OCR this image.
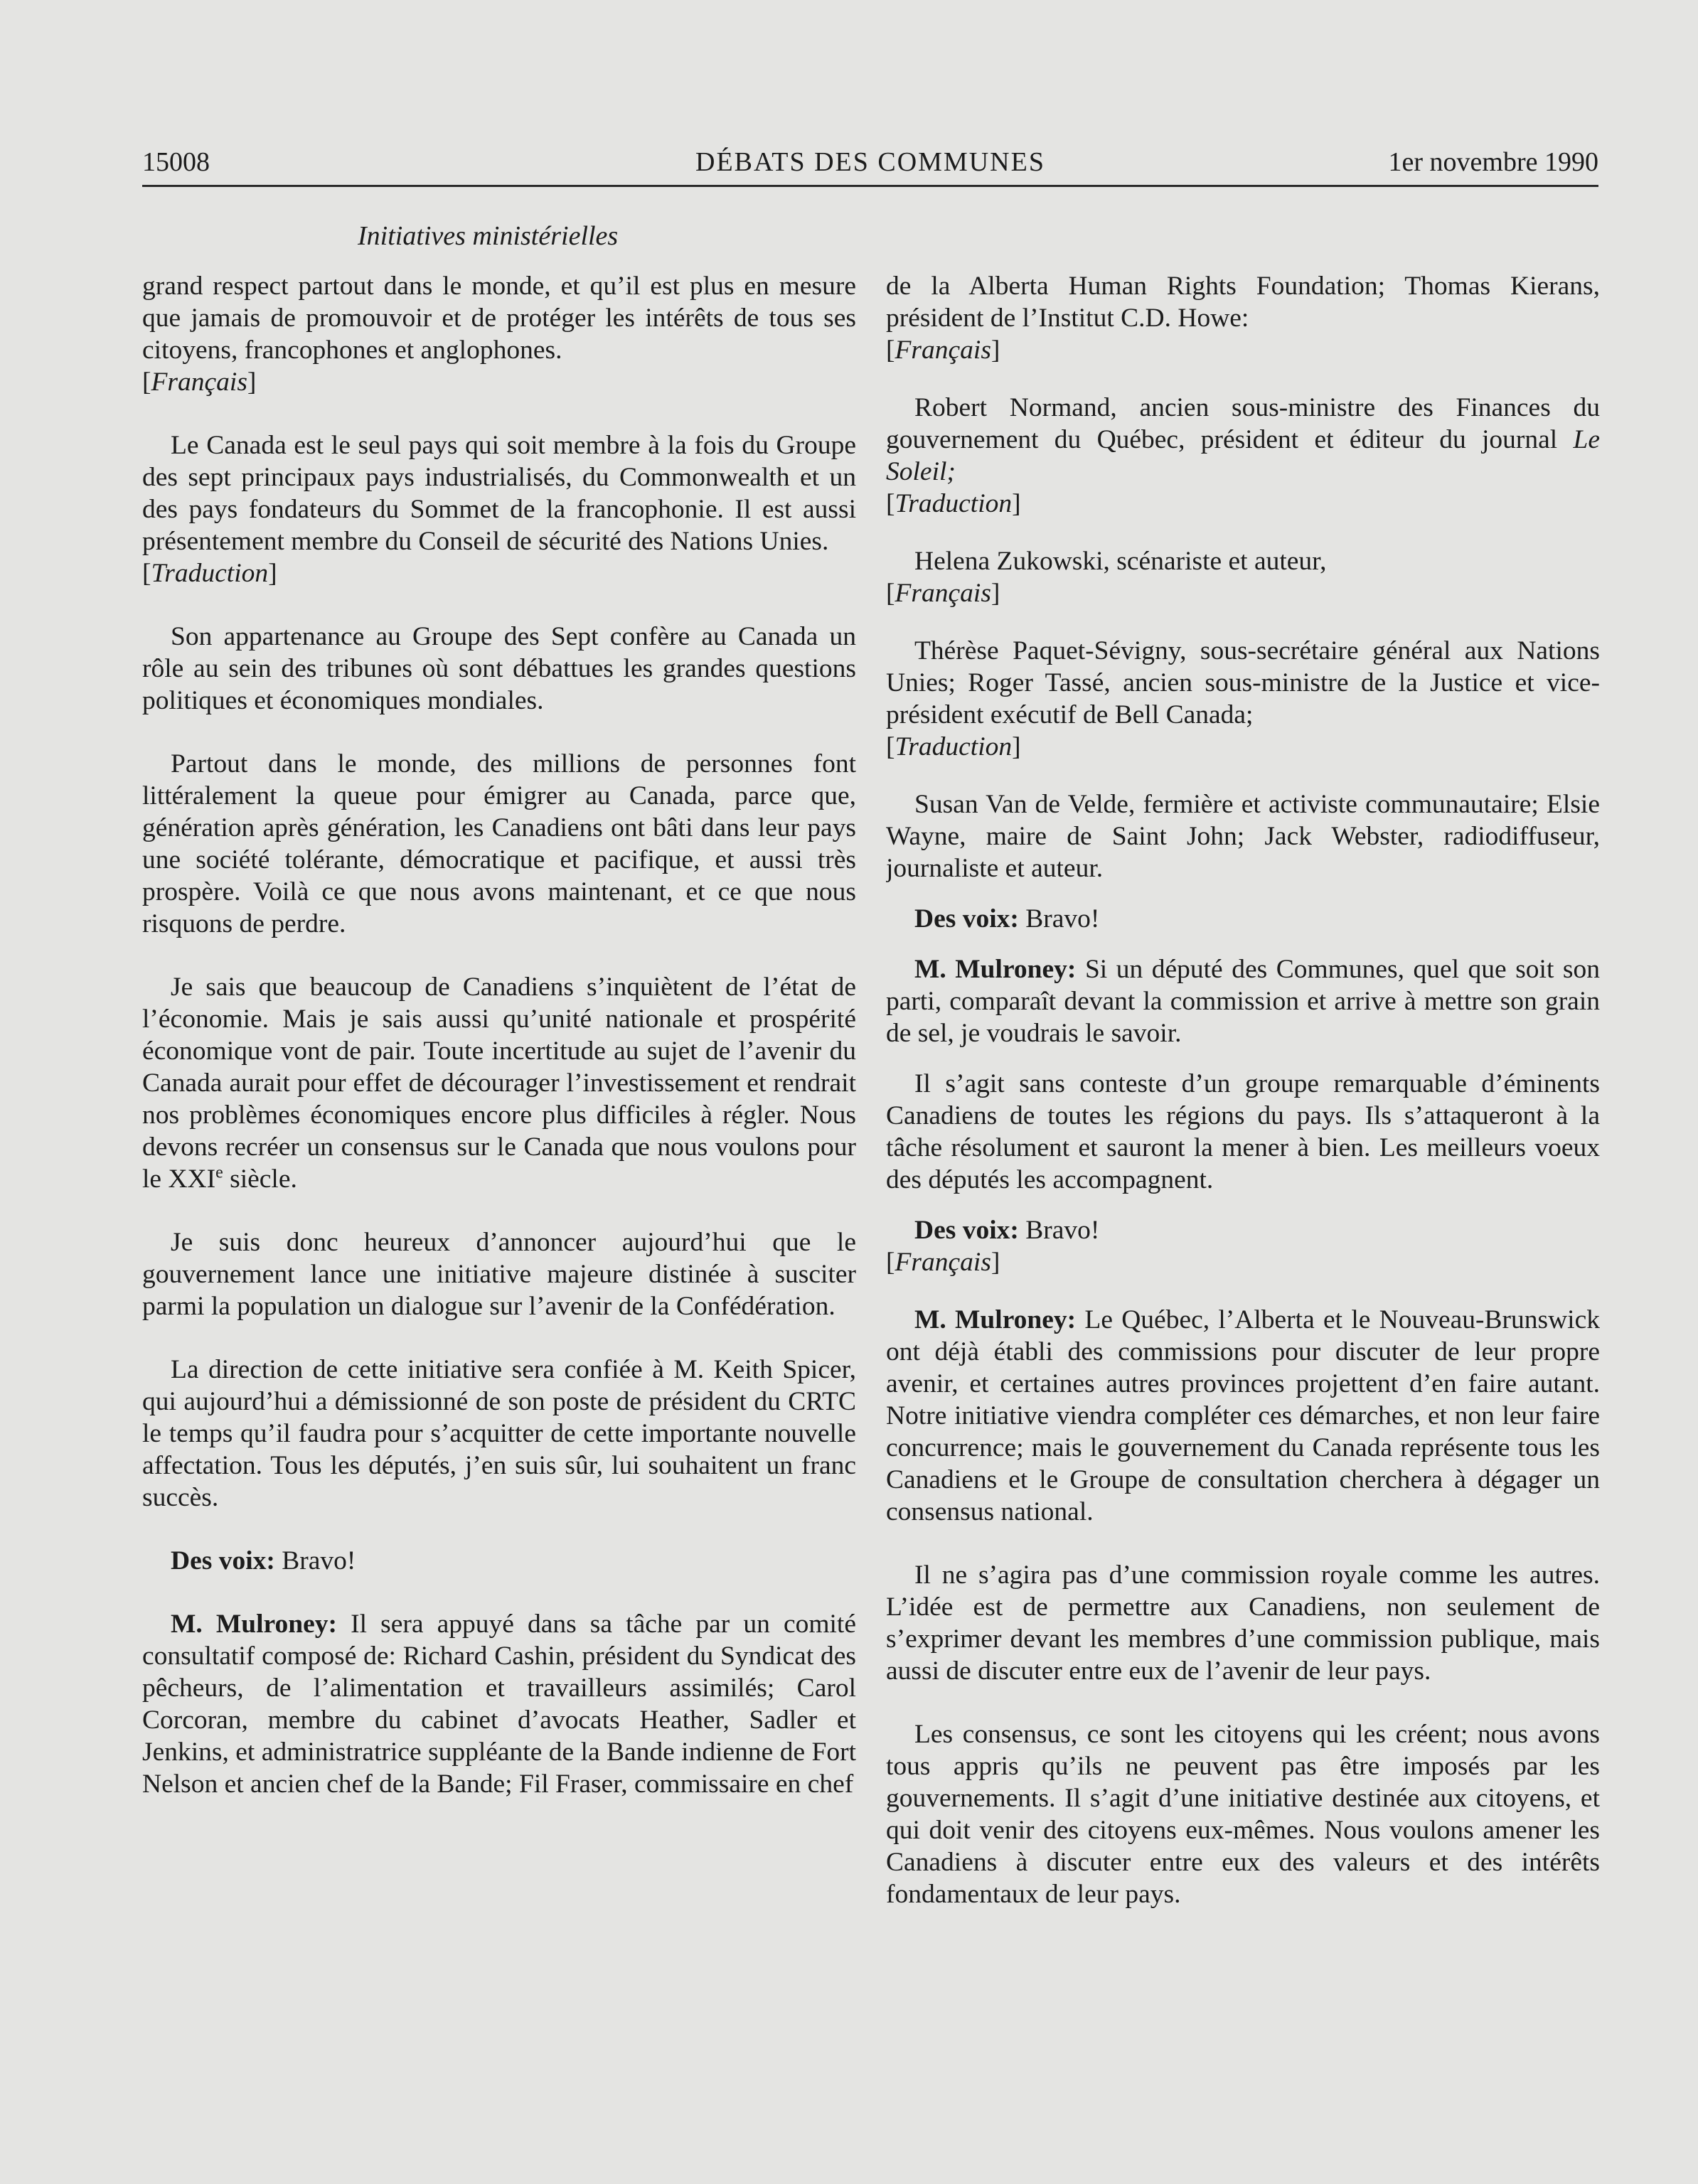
15008	DÉBATS DES COMMUNES	1er novembre 1990
Initiatives ministérielles

grand respect partout dans le monde, et qu’il est plus en mesure que jamais de promouvoir et de protéger les intérêts de tous ses citoyens, francophones et anglophones.

[Français]

Le Canada est le seul pays qui soit membre à la fois du Groupe des sept principaux pays industrialisés, du Commonwealth et un des pays fondateurs du Sommet de la francophonie. Il est aussi présentement membre du Conseil de sécurité des Nations Unies.

[Traduction]

Son appartenance au Groupe des Sept confère au Canada un rôle au sein des tribunes où sont débattues les grandes questions politiques et économiques mondiales.

Partout dans le monde, des millions de personnes font littéralement la queue pour émigrer au Canada, parce que, génération après génération, les Canadiens ont bâti dans leur pays une société tolérante, démocratique et pacifique, et aussi très prospère. Voilà ce que nous avons maintenant, et ce que nous risquons de perdre.

Je sais que beaucoup de Canadiens s’inquiètent de l’état de l’économie. Mais je sais aussi qu’unité nationale et prospérité économique vont de pair. Toute incertitude au sujet de l’avenir du Canada aurait pour effet de décourager l’investissement et rendrait nos problèmes économiques encore plus difficiles à régler. Nous devons recréer un consensus sur le Canada que nous voulons pour le XXIe siècle.

Je suis donc heureux d’annoncer aujourd’hui que le gouvernement lance une initiative majeure distinée à susciter parmi la population un dialogue sur l’avenir de la Confédération.

La direction de cette initiative sera confiée à M. Keith Spicer, qui aujourd’hui a démissionné de son poste de président du CRTC le temps qu’il faudra pour s’acquitter de cette importante nouvelle affectation. Tous les députés, j’en suis sûr, lui souhaitent un franc succès.

Des voix: Bravo!

M. Mulroney: Il sera appuyé dans sa tâche par un comité consultatif composé de: Richard Cashin, président du Syndicat des pêcheurs, de l’alimentation et travailleurs assimilés; Carol Corcoran, membre du cabinet d’avocats Heather, Sadler et Jenkins, et administratrice suppléante de la Bande indienne de Fort Nelson et ancien chef de la Bande; Fil Fraser, commissaire en chef

de la Alberta Human Rights Foundation; Thomas Kierans, président de l’Institut C.D. Howe:

[Français]

Robert Normand, ancien sous-ministre des Finances du gouvernement du Québec, président et éditeur du journal Le Soleil;

[Traduction]

Helena Zukowski, scénariste et auteur,

[Français]

Thérèse Paquet-Sévigny, sous-secrétaire général aux Nations Unies; Roger Tassé, ancien sous-ministre de la Justice et vice-président exécutif de Bell Canada;

[Traduction]

Susan Van de Velde, fermière et activiste communautaire; Elsie Wayne, maire de Saint John; Jack Webster, radiodiffuseur, journaliste et auteur.

Des voix: Bravo!

M. Mulroney: Si un député des Communes, quel que soit son parti, comparaît devant la commission et arrive à mettre son grain de sel, je voudrais le savoir.

Il s’agit sans conteste d’un groupe remarquable d’éminents Canadiens de toutes les régions du pays. Ils s’attaqueront à la tâche résolument et sauront la mener à bien. Les meilleurs voeux des députés les accompagnent.

Des voix: Bravo!

[Français]

M. Mulroney: Le Québec, l’Alberta et le Nouveau-Brunswick ont déjà établi des commissions pour discuter de leur propre avenir, et certaines autres provinces projettent d’en faire autant. Notre initiative viendra compléter ces démarches, et non leur faire concurrence; mais le gouvernement du Canada représente tous les Canadiens et le Groupe de consultation cherchera à dégager un consensus national.

Il ne s’agira pas d’une commission royale comme les autres. L’idée est de permettre aux Canadiens, non seulement de s’exprimer devant les membres d’une commission publique, mais aussi de discuter entre eux de l’avenir de leur pays.

Les consensus, ce sont les citoyens qui les créent; nous avons tous appris qu’ils ne peuvent pas être imposés par les gouvernements. Il s’agit d’une initiative destinée aux citoyens, et qui doit venir des citoyens eux-mêmes. Nous voulons amener les Canadiens à discuter entre eux des valeurs et des intérêts fondamentaux de leur pays.
